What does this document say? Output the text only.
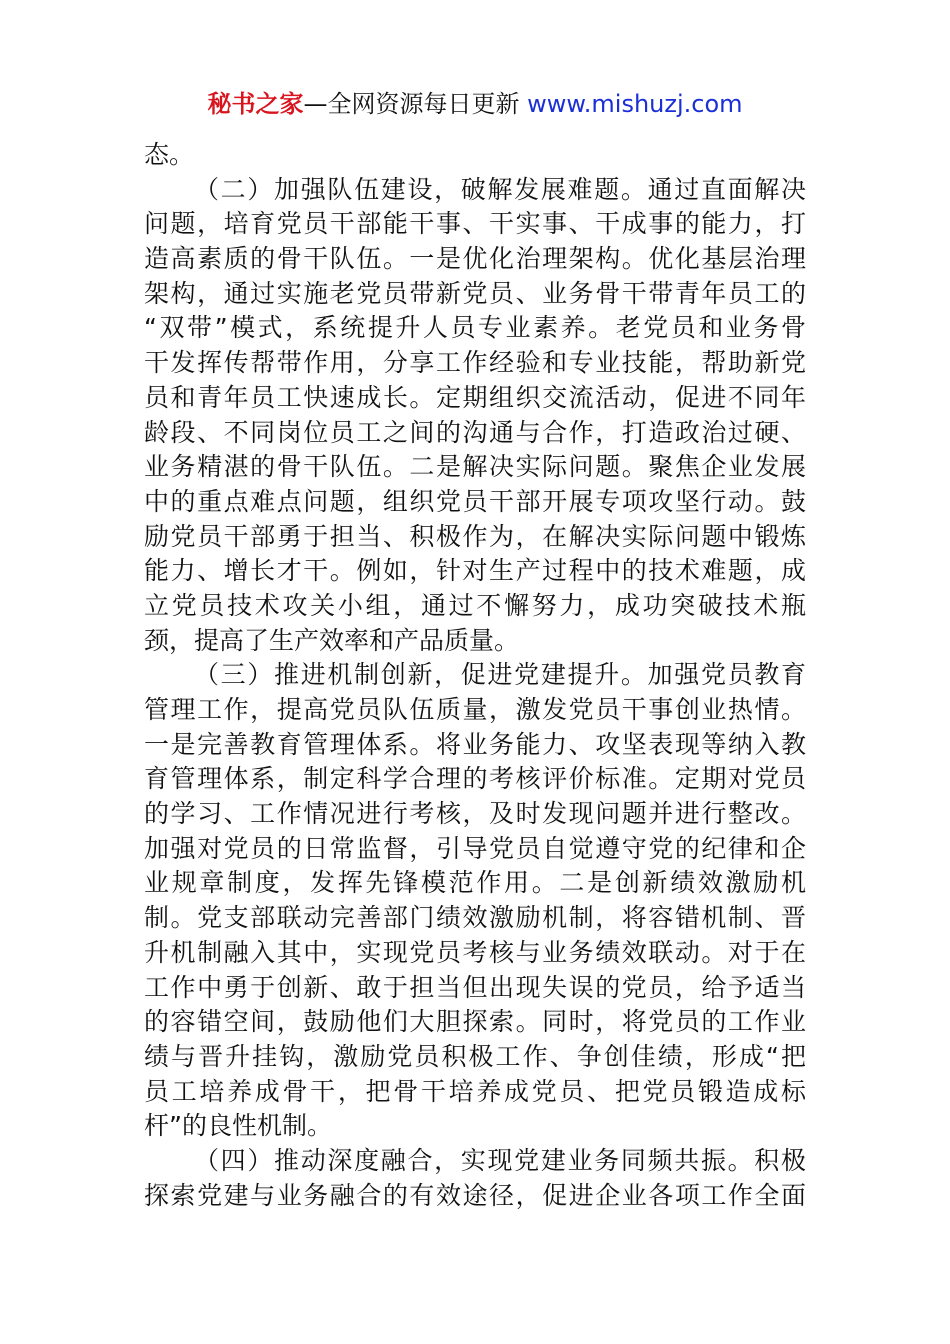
秘书之家—全网资源每日更新 www.mishuzj.com
态。
（二）加强队伍建设，破解发展难题。通过直面解决
问题，培育党员干部能干事、干实事、干成事的能力，打
造高素质的骨干队伍。一是优化治理架构。优化基层治理
架构，通过实施老党员带新党员、业务骨干带青年员工的
“双带”模式，系统提升人员专业素养。老党员和业务骨
干发挥传帮带作用，分享工作经验和专业技能，帮助新党
员和青年员工快速成长。定期组织交流活动，促进不同年
龄段、不同岗位员工之间的沟通与合作，打造政治过硬、
业务精湛的骨干队伍。二是解决实际问题。聚焦企业发展
中的重点难点问题，组织党员干部开展专项攻坚行动。鼓
励党员干部勇于担当、积极作为，在解决实际问题中锻炼
能力、增长才干。例如，针对生产过程中的技术难题，成
立党员技术攻关小组，通过不懈努力，成功突破技术瓶
颈，提高了生产效率和产品质量。
（三）推进机制创新，促进党建提升。加强党员教育
管理工作，提高党员队伍质量，激发党员干事创业热情。
一是完善教育管理体系。将业务能力、攻坚表现等纳入教
育管理体系，制定科学合理的考核评价标准。定期对党员
的学习、工作情况进行考核，及时发现问题并进行整改。
加强对党员的日常监督，引导党员自觉遵守党的纪律和企
业规章制度，发挥先锋模范作用。二是创新绩效激励机
制。党支部联动完善部门绩效激励机制，将容错机制、晋
升机制融入其中，实现党员考核与业务绩效联动。对于在
工作中勇于创新、敢于担当但出现失误的党员，给予适当
的容错空间，鼓励他们大胆探索。同时，将党员的工作业
绩与晋升挂钩，激励党员积极工作、争创佳绩，形成“把
员工培养成骨干，把骨干培养成党员、把党员锻造成标
杆”的良性机制。
（四）推动深度融合，实现党建业务同频共振。积极
探索党建与业务融合的有效途径，促进企业各项工作全面
